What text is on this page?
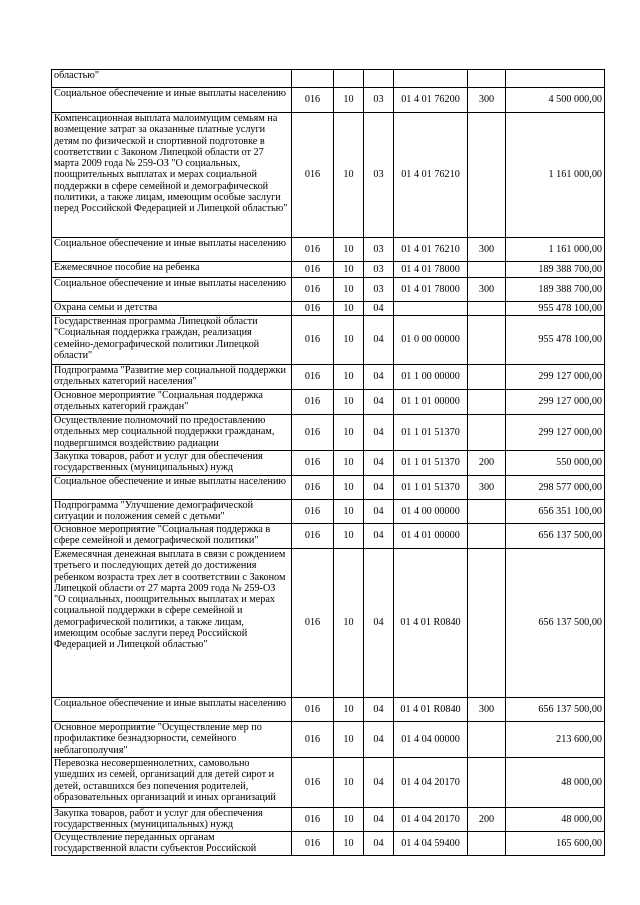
областью"						
Социальное обеспечение и иные выплаты населению	016	10	03	01 4 01 76200	300	4 500 000,00
Компенсационная выплата малоимущим семьям на возмещение затрат за оказанные платные услуги детям по физической и спортивной подготовке в соответствии с Законом Липецкой области от 27 марта 2009 года № 259-ОЗ "О социальных, поощрительных выплатах и мерах социальной поддержки в сфере семейной и демографической политики, а также лицам, имеющим особые заслуги перед Российской Федерацией и Липецкой областью"	016	10	03	01 4 01 76210		1 161 000,00
Социальное обеспечение и иные выплаты населению	016	10	03	01 4 01 76210	300	1 161 000,00
Ежемесячное пособие на ребенка	016	10	03	01 4 01 78000		189 388 700,00
Социальное обеспечение и иные выплаты населению	016	10	03	01 4 01 78000	300	189 388 700,00
Охрана семьи и детства	016	10	04			955 478 100,00
Государственная программа Липецкой области "Социальная поддержка граждан, реализация семейно-демографической политики Липецкой области"	016	10	04	01 0 00 00000		955 478 100,00
Подпрограмма "Развитие мер социальной поддержки отдельных категорий населения"	016	10	04	01 1 00 00000		299 127 000,00
Основное мероприятие "Социальная поддержка отдельных категорий граждан"	016	10	04	01 1 01 00000		299 127 000,00
Осуществление полномочий по предоставлению отдельных мер социальной поддержки гражданам, подвергшимся воздействию радиации	016	10	04	01 1 01 51370		299 127 000,00
Закупка товаров, работ и услуг для обеспечения государственных (муниципальных) нужд	016	10	04	01 1 01 51370	200	550 000,00
Социальное обеспечение и иные выплаты населению	016	10	04	01 1 01 51370	300	298 577 000,00
Подпрограмма "Улучшение демографической ситуации и положения семей с детьми"	016	10	04	01 4 00 00000		656 351 100,00
Основное мероприятие "Социальная поддержка в сфере семейной и демографической политики"	016	10	04	01 4 01 00000		656 137 500,00
Ежемесячная денежная выплата в связи с рождением третьего и последующих детей до достижения ребенком возраста трех лет в соответствии с Законом Липецкой области от 27 марта 2009 года № 259-ОЗ "О социальных, поощрительных выплатах и мерах социальной поддержки в сфере семейной и демографической политики, а также лицам, имеющим особые заслуги перед Российской Федерацией и Липецкой областью"	016	10	04	01 4 01 R0840		656 137 500,00
Социальное обеспечение и иные выплаты населению	016	10	04	01 4 01 R0840	300	656 137 500,00
Основное мероприятие "Осуществление мер по профилактике безнадзорности, семейного неблагополучия"	016	10	04	01 4 04 00000		213 600,00
Перевозка несовершеннолетних, самовольно ушедших из семей, организаций для детей сирот и детей, оставшихся без попечения родителей, образовательных организаций и иных организаций	016	10	04	01 4 04 20170		48 000,00
Закупка товаров, работ и услуг для обеспечения государственных (муниципальных) нужд	016	10	04	01 4 04 20170	200	48 000,00
Осуществление переданных органам государственной власти субъектов Российской	016	10	04	01 4 04 59400		165 600,00
